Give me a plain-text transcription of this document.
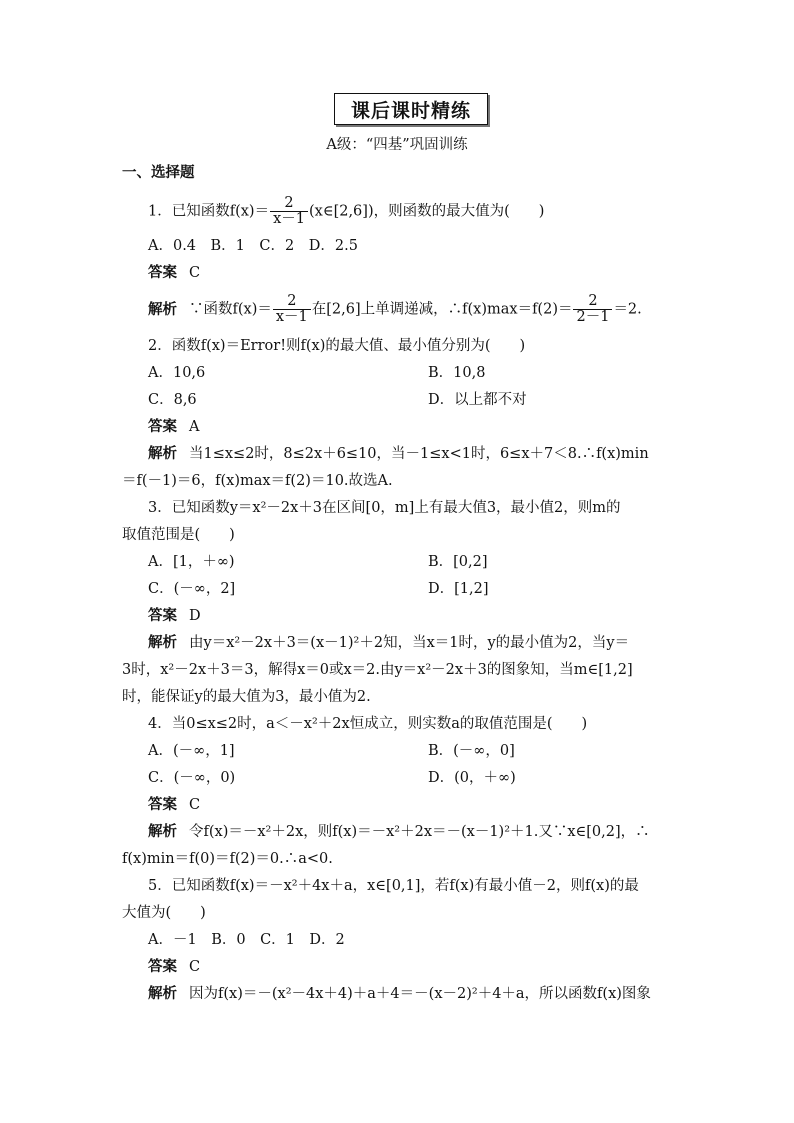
课后课时精练
A级：“四基”巩固训练
一、选择题
1．已知函数$f(x)= \frac{2}{x-1}$ (x∈[2,6])，则函数的最大值为(　　)
A．0.4　B．1　C．2　D．2.5
答案 C
解析 ∵函数$f(x)= \frac{2}{x-1}$ 在[2,6]上单调递减，∴f(x)max＝f(2)＝ $\frac{2}{2-1} =2$.
2．函数f(x)＝Error!则f(x)的最大值、最小值分别为(　　)
A．10,6	B．10,8
C．8,6	D．以上都不对
答案 A
解析 当1≤x≤2时，8≤2x＋6≤10，当－1≤x<1时，6≤x＋7＜8.∴f(x)min
＝f(－1)＝6，f(x)max＝f(2)＝10.故选A.
3．已知函数y＝x²－2x＋3在区间[0，m]上有最大值3，最小值2，则m的
取值范围是(　　)
A．[1，＋∞)	B．[0,2]
C．(－∞，2]	D．[1,2]
答案 D
解析 由y＝x²－2x＋3＝(x－1)²＋2知，当x＝1时，y的最小值为2，当y＝
3时，x²－2x＋3＝3，解得x＝0或x＝2.由y＝x²－2x＋3的图象知，当m∈[1,2]
时，能保证y的最大值为3，最小值为2.
4．当0≤x≤2时，a＜－x²＋2x恒成立，则实数a的取值范围是(　　)
A．(－∞，1]	B．(－∞，0]
C．(－∞，0)	D．(0，＋∞)
答案 C
解析 令f(x)＝－x²＋2x，则f(x)＝－x²＋2x＝－(x－1)²＋1.又∵x∈[0,2]，∴
f(x)min＝f(0)＝f(2)＝0.∴a<0.
5．已知函数f(x)＝－x²＋4x＋a，x∈[0,1]，若f(x)有最小值－2，则f(x)的最
大值为(　　)
A．－1　B．0　C．1　D．2
答案 C
解析 因为f(x)＝－(x²－4x＋4)＋a＋4＝－(x－2)²＋4＋a，所以函数f(x)图象
